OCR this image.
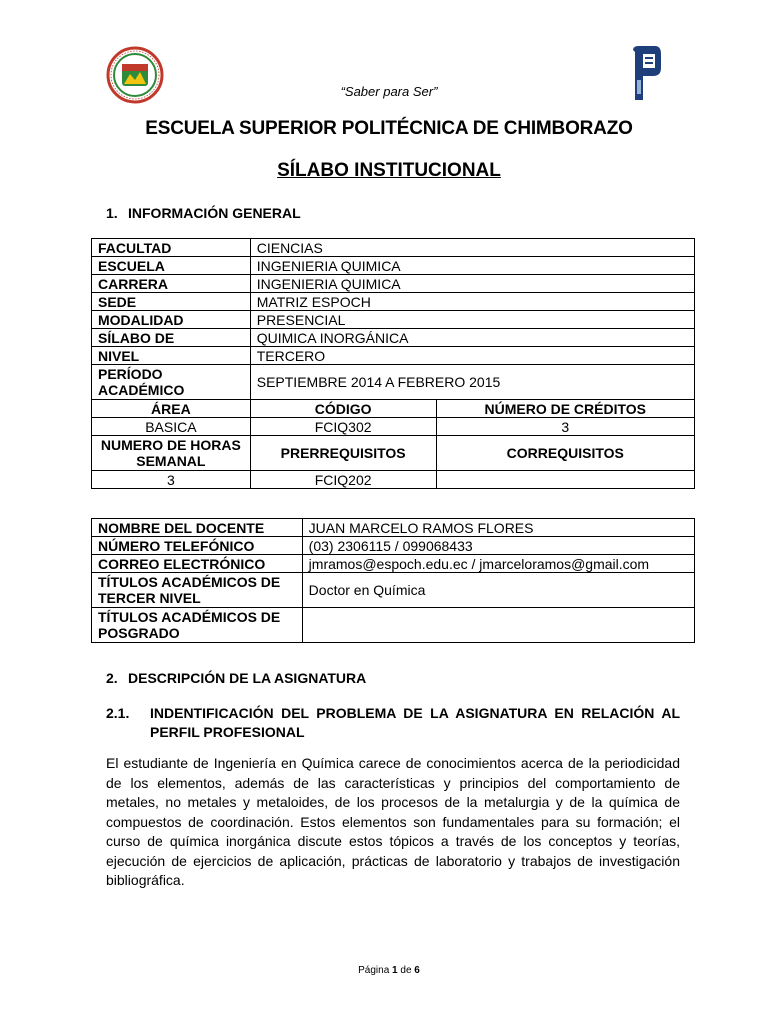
“Saber para Ser”
ESCUELA SUPERIOR POLITÉCNICA DE CHIMBORAZO
SÍLABO INSTITUCIONAL
1. INFORMACIÓN GENERAL
FACULTAD	CIENCIAS	
ESCUELA	INGENIERIA QUIMICA	
CARRERA	INGENIERIA QUIMICA	
SEDE	MATRIZ ESPOCH	
MODALIDAD	PRESENCIAL	
SÍLABO DE	QUIMICA INORGÁNICA	
NIVEL	TERCERO	
PERÍODO ACADÉMICO	SEPTIEMBRE 2014 A FEBRERO 2015	
ÁREA	CÓDIGO	NÚMERO DE CRÉDITOS
BASICA	FCIQ302	3
NUMERO DE HORAS SEMANAL	PRERREQUISITOS	CORREQUISITOS
3	FCIQ202	
NOMBRE DEL DOCENTE	JUAN MARCELO RAMOS FLORES
NÚMERO TELEFÓNICO	(03) 2306115 / 099068433
CORREO ELECTRÓNICO	jmramos@espoch.edu.ec / jmarceloramos@gmail.com
TÍTULOS ACADÉMICOS DE TERCER NIVEL	Doctor en Química
TÍTULOS ACADÉMICOS DE POSGRADO	
2. DESCRIPCIÓN DE LA ASIGNATURA
2.1. INDENTIFICACIÓN DEL PROBLEMA DE LA ASIGNATURA EN RELACIÓN AL PERFIL PROFESIONAL
El estudiante de Ingeniería en Química carece de conocimientos acerca de la periodicidad de los elementos, además de las características y principios del comportamiento de metales, no metales y metaloides, de los procesos de la metalurgia y de la química de compuestos de coordinación. Estos elementos son fundamentales para su formación; el curso de química inorgánica discute estos tópicos a través de los conceptos y teorías, ejecución de ejercicios de aplicación, prácticas de laboratorio y trabajos de investigación bibliográfica.
Página 1 de 6
